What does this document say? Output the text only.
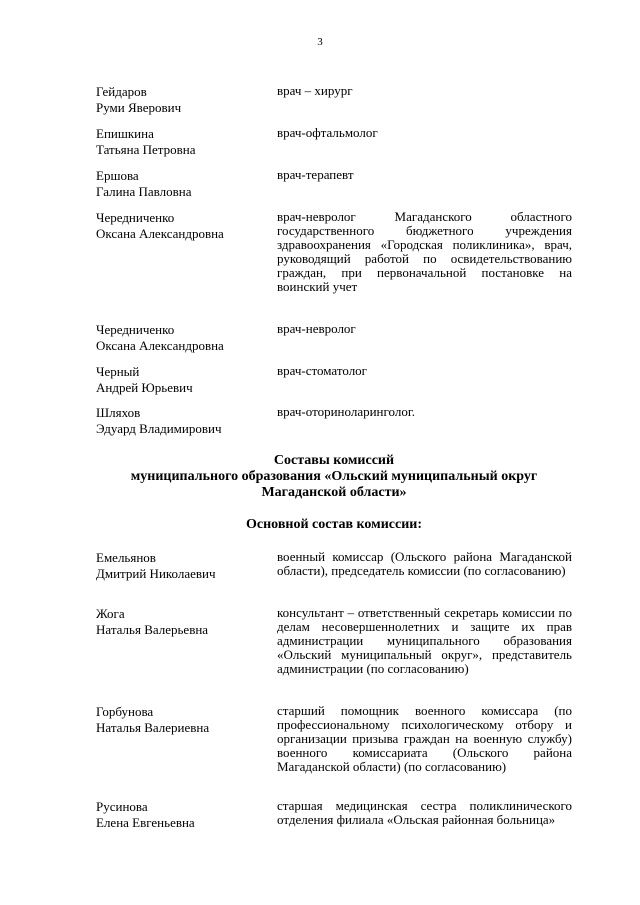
3
Гейдаров
Руми Яверович
врач – хирург
Епишкина
Татьяна Петровна
врач-офтальмолог
Ершова
Галина Павловна
врач-терапевт
Чередниченко
Оксана Александровна
врач-невролог Магаданского областного государственного бюджетного учреждения здравоохранения «Городская поликлиника», врач, руководящий работой по освидетельствованию граждан, при первоначальной постановке на воинский учет
Чередниченко
Оксана Александровна
врач-невролог
Черный
Андрей Юрьевич
врач-стоматолог
Шляхов
Эдуард Владимирович
врач-оториноларинголог.
Составы комиссий
муниципального образования «Ольский муниципальный округ
Магаданской области»
Основной состав комиссии:
Емельянов
Дмитрий Николаевич
военный комиссар (Ольского района Магаданской области), председатель комиссии (по согласованию)
Жога
Наталья Валерьевна
консультант – ответственный секретарь комиссии по делам несовершеннолетних и защите их прав администрации муниципального образования «Ольский муниципальный округ», представитель администрации (по согласованию)
Горбунова
Наталья Валериевна
старший помощник военного комиссара (по профессиональному психологическому отбору и организации призыва граждан на военную службу) военного комиссариата (Ольского района Магаданской области) (по согласованию)
Русинова
Елена Евгеньевна
старшая медицинская сестра поликлинического отделения филиала «Ольская районная больница»
